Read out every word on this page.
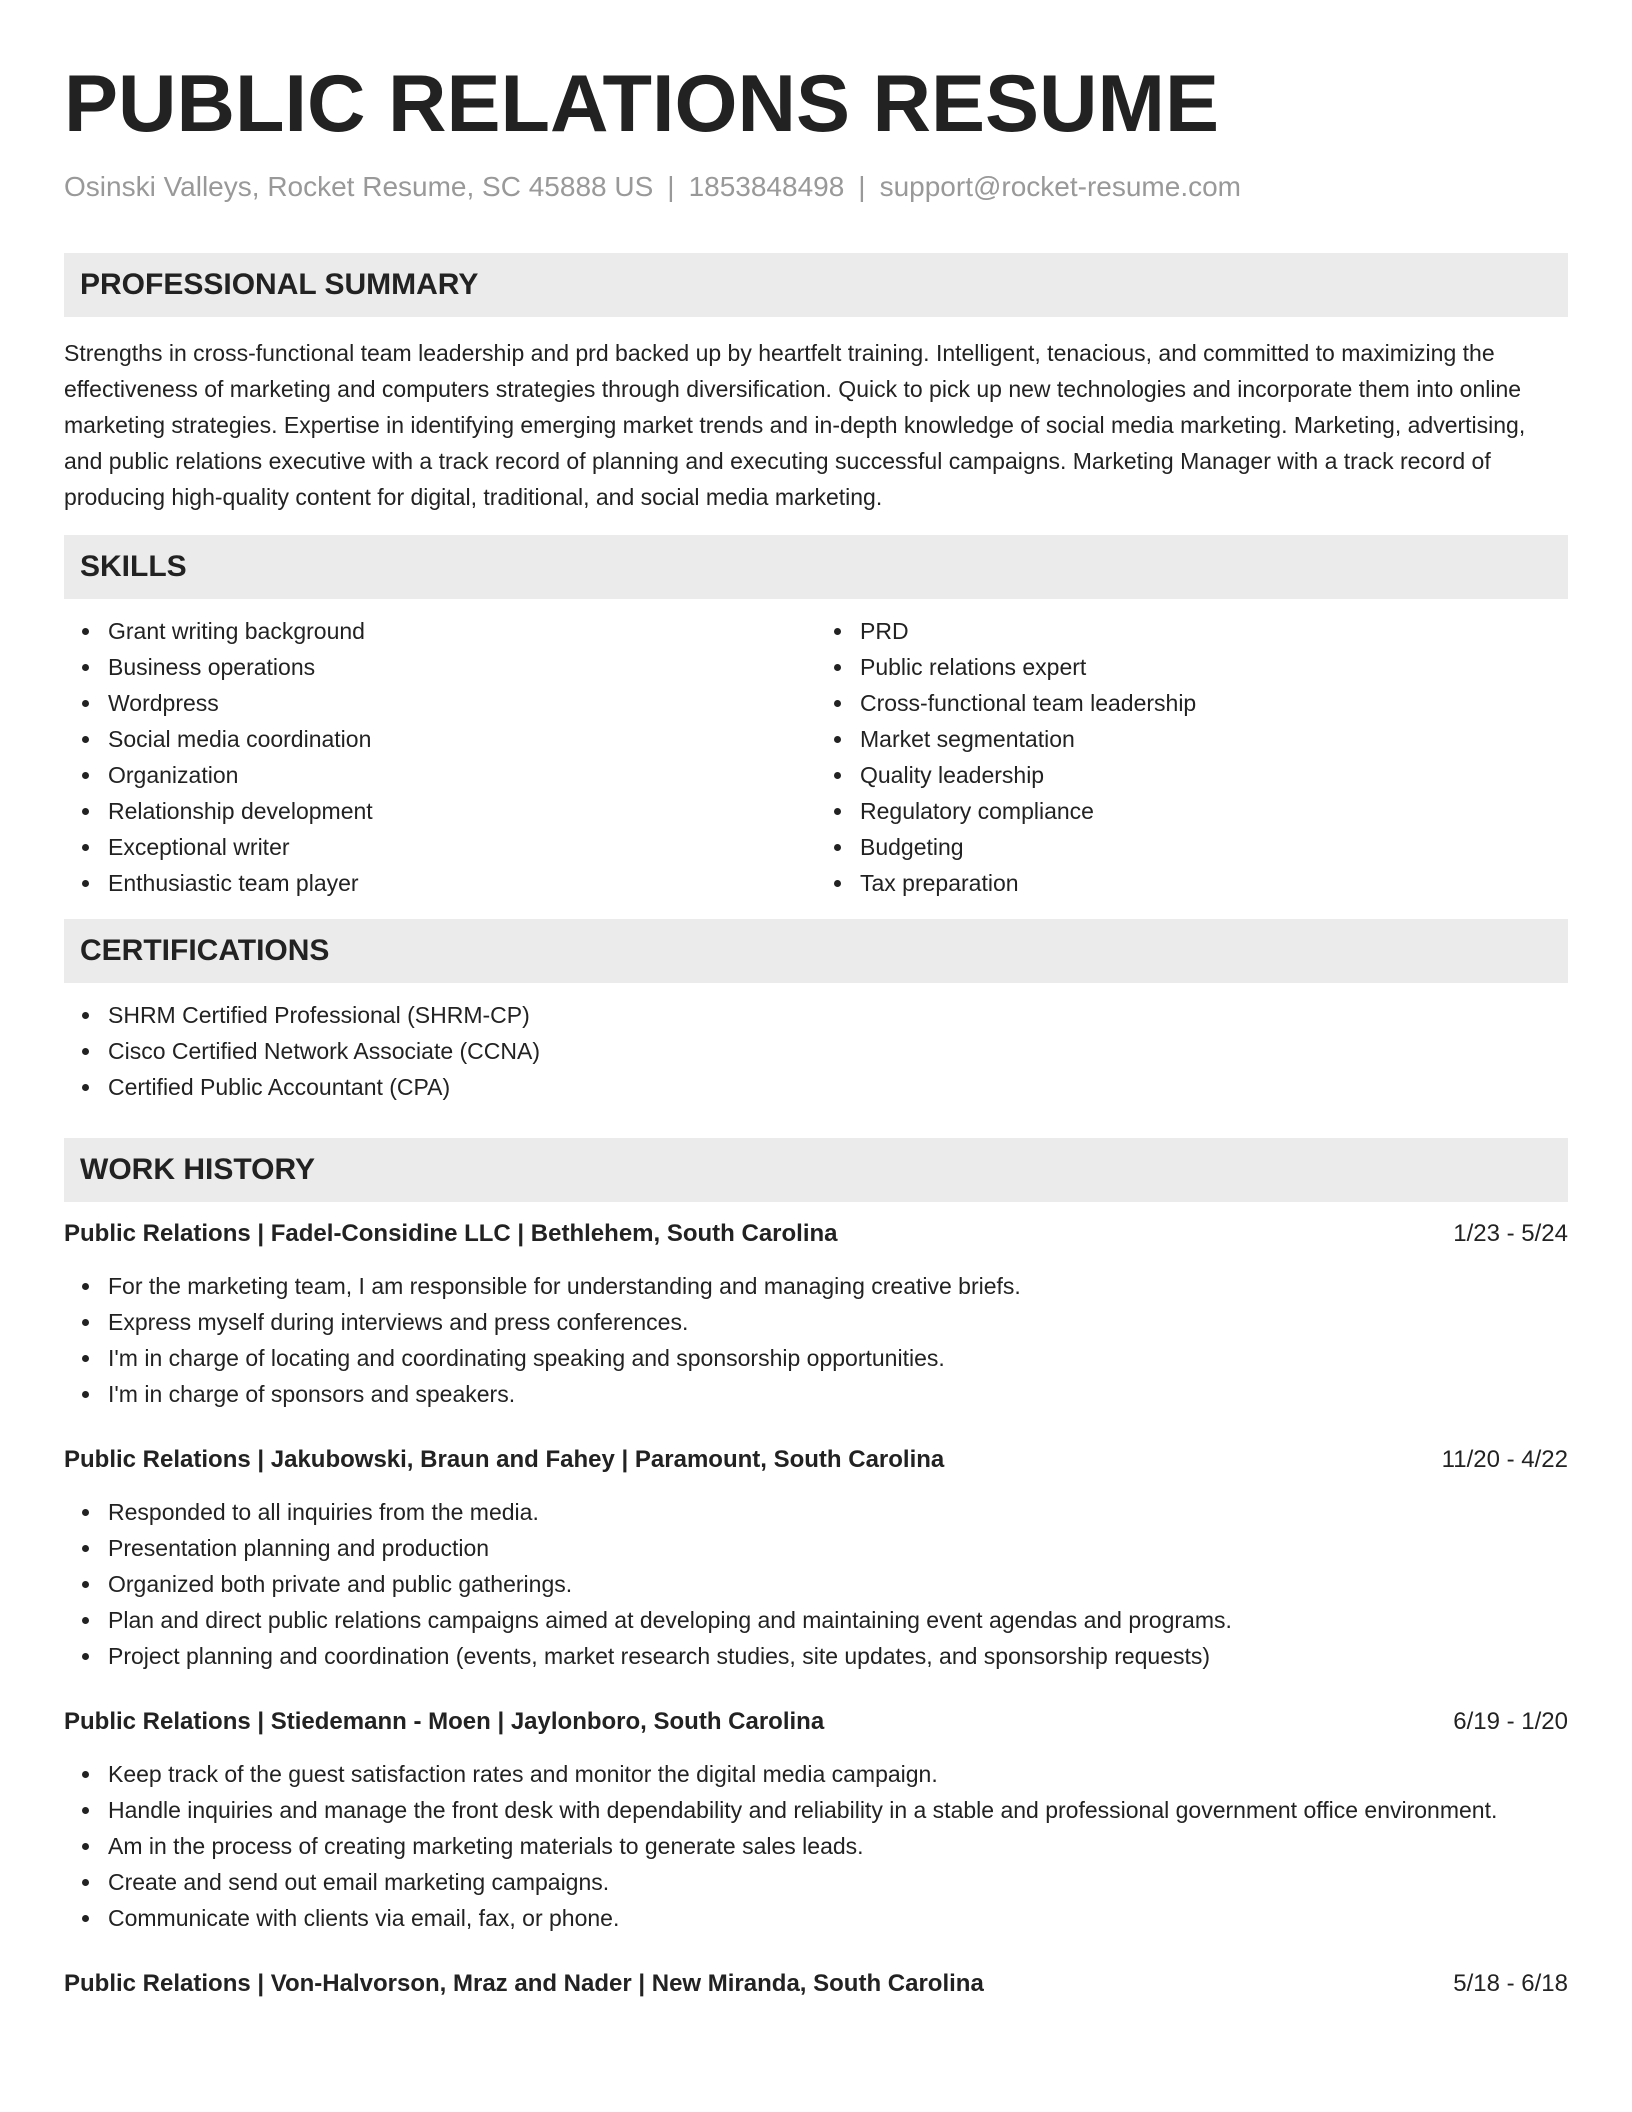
PUBLIC RELATIONS RESUME
Osinski Valleys, Rocket Resume, SC 45888 US | 1853848498 | support@rocket-resume.com
PROFESSIONAL SUMMARY

Strengths in cross-functional team leadership and prd backed up by heartfelt training. Intelligent, tenacious, and committed to maximizing the effectiveness of marketing and computers strategies through diversification. Quick to pick up new technologies and incorporate them into online marketing strategies. Expertise in identifying emerging market trends and in-depth knowledge of social media marketing. Marketing, advertising, and public relations executive with a track record of planning and executing successful campaigns. Marketing Manager with a track record of producing high-quality content for digital, traditional, and social media marketing.

SKILLS
Grant writing background
Business operations
Wordpress
Social media coordination
Organization
Relationship development
Exceptional writer
Enthusiastic team player
PRD
Public relations expert
Cross-functional team leadership
Market segmentation
Quality leadership
Regulatory compliance
Budgeting
Tax preparation
CERTIFICATIONS
SHRM Certified Professional (SHRM-CP)
Cisco Certified Network Associate (CCNA)
Certified Public Accountant (CPA)
WORK HISTORY
Public Relations | Fadel-Considine LLC | Bethlehem, South Carolina	1/23 - 5/24
For the marketing team, I am responsible for understanding and managing creative briefs.
Express myself during interviews and press conferences.
I'm in charge of locating and coordinating speaking and sponsorship opportunities.
I'm in charge of sponsors and speakers.
Public Relations | Jakubowski, Braun and Fahey | Paramount, South Carolina	11/20 - 4/22
Responded to all inquiries from the media.
Presentation planning and production
Organized both private and public gatherings.
Plan and direct public relations campaigns aimed at developing and maintaining event agendas and programs.
Project planning and coordination (events, market research studies, site updates, and sponsorship requests)
Public Relations | Stiedemann - Moen | Jaylonboro, South Carolina	6/19 - 1/20
Keep track of the guest satisfaction rates and monitor the digital media campaign.
Handle inquiries and manage the front desk with dependability and reliability in a stable and professional government office environment.
Am in the process of creating marketing materials to generate sales leads.
Create and send out email marketing campaigns.
Communicate with clients via email, fax, or phone.
Public Relations | Von-Halvorson, Mraz and Nader | New Miranda, South Carolina	5/18 - 6/18
